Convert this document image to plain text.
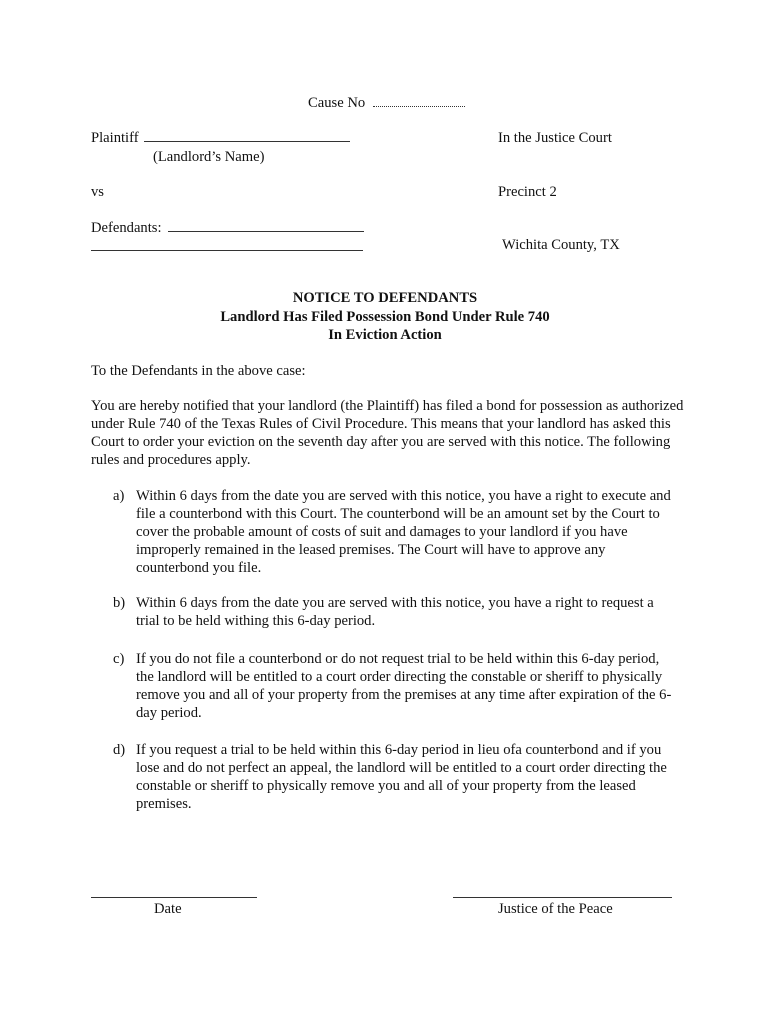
Cause No
Plaintiff
(Landlord’s Name)
In the Justice Court
vs	Precinct 2
Defendants:
Wichita County, TX
NOTICE TO DEFENDANTS
Landlord Has Filed Possession Bond Under Rule 740
In Eviction Action
To the Defendants in the above case:
You are hereby notified that your landlord (the Plaintiff) has filed a bond for possession as authorized under Rule 740 of the Texas Rules of Civil Procedure. This means that your landlord has asked this Court to order your eviction on the seventh day after you are served with this notice. The following rules and procedures apply.
a) Within 6 days from the date you are served with this notice, you have a right to execute and file a counterbond with this Court. The counterbond will be an amount set by the Court to cover the probable amount of costs of suit and damages to your landlord if you have improperly remained in the leased premises. The Court will have to approve any counterbond you file.
b) Within 6 days from the date you are served with this notice, you have a right to request a trial to be held withing this 6-day period.
c) If you do not file a counterbond or do not request trial to be held within this 6-day period, the landlord will be entitled to a court order directing the constable or sheriff to physically remove you and all of your property from the premises at any time after expiration of the 6-day period.
d) If you request a trial to be held within this 6-day period in lieu ofa counterbond and if you lose and do not perfect an appeal, the landlord will be entitled to a court order directing the constable or sheriff to physically remove you and all of your property from the leased premises.
Date	Justice of the Peace
